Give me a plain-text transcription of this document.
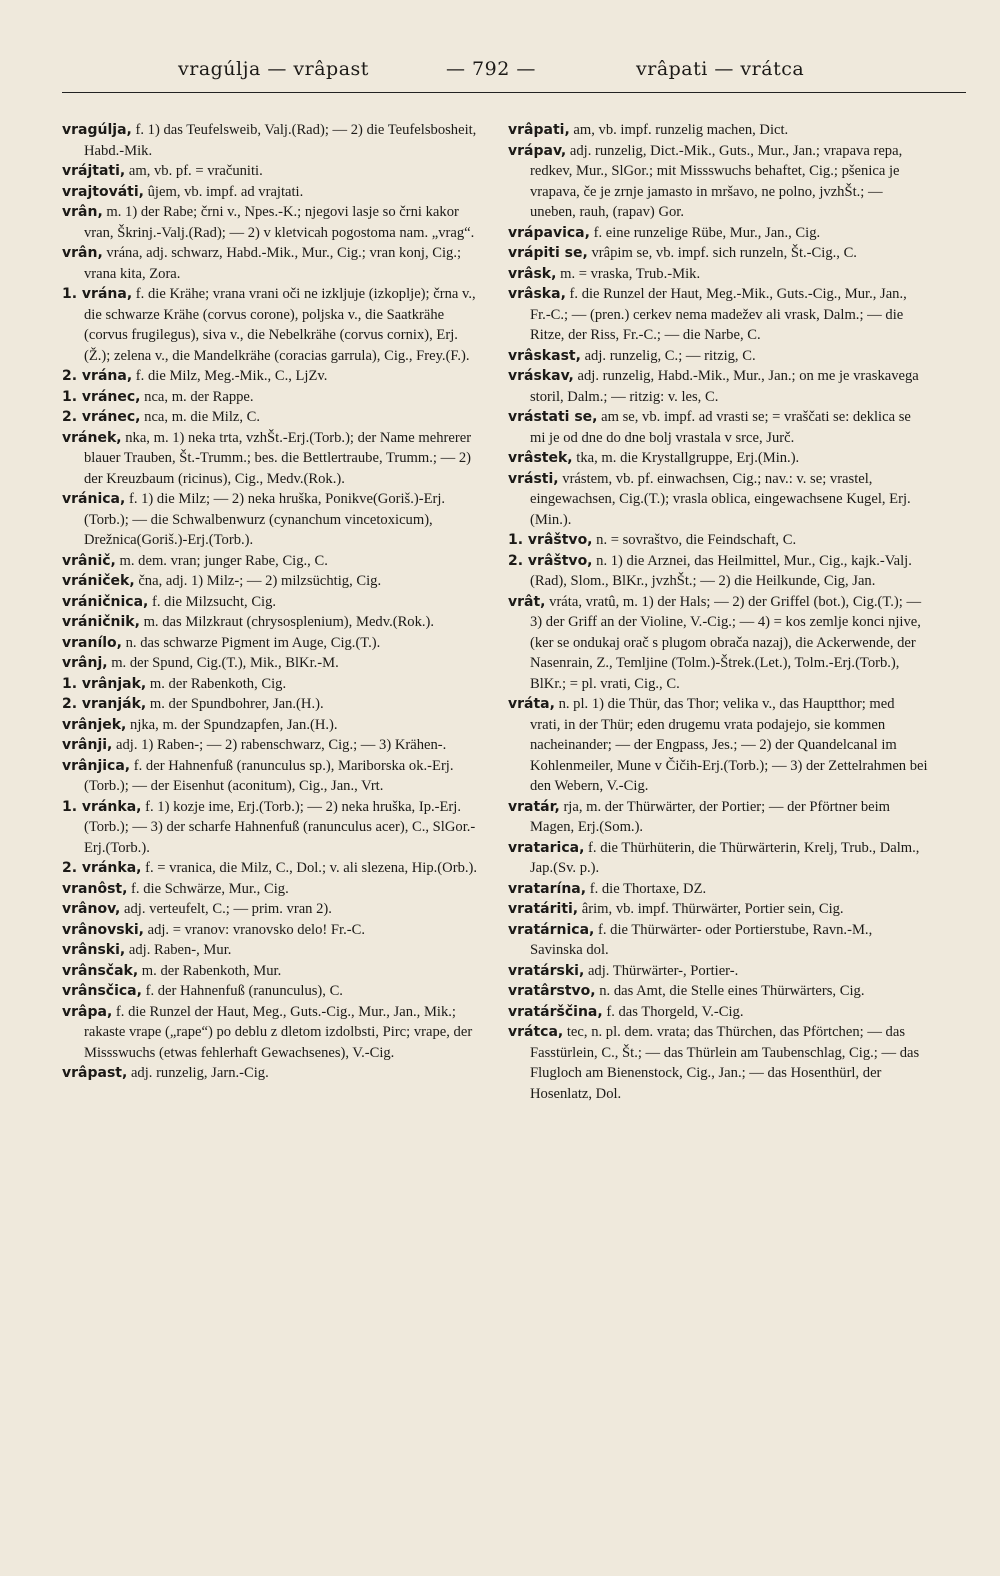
vragúlja — vrâpast	— 792 —	vrâpati — vrátca

vragúlja, f. 1) das Teufelsweib, Valj.(Rad); — 2) die Teufelsbosheit, Habd.-Mik.

vrájtati, am, vb. pf. = vračuniti.

vrajtováti, ûjem, vb. impf. ad vrajtati.

vrân, m. 1) der Rabe; črni v., Npes.-K.; njegovi lasje so črni kakor vran, Škrinj.-Valj.(Rad); — 2) v kletvicah pogostoma nam. „vrag“.

vrân, vrána, adj. schwarz, Habd.-Mik., Mur., Cig.; vran konj, Cig.; vrana kita, Zora.

1. vrána, f. die Krähe; vrana vrani oči ne izkljuje (izkoplje); črna v., die schwarze Krähe (corvus corone), poljska v., die Saatkrähe (corvus frugilegus), siva v., die Nebelkrähe (corvus cornix), Erj.(Ž.); zelena v., die Mandelkrähe (coracias garrula), Cig., Frey.(F.).

2. vrána, f. die Milz, Meg.-Mik., C., LjZv.

1. vránec, nca, m. der Rappe.

2. vránec, nca, m. die Milz, C.

vránek, nka, m. 1) neka trta, vzhŠt.-Erj.(Torb.); der Name mehrerer blauer Trauben, Št.-Trumm.; bes. die Bettlertraube, Trumm.; — 2) der Kreuzbaum (ricinus), Cig., Medv.(Rok.).

vránica, f. 1) die Milz; — 2) neka hruška, Ponikve(Goriš.)-Erj.(Torb.); — die Schwalbenwurz (cynanchum vincetoxicum), Drežnica(Goriš.)-Erj.(Torb.).

vrânič, m. dem. vran; junger Rabe, Cig., C.

vrániček, čna, adj. 1) Milz-; — 2) milzsüchtig, Cig.

vráničnica, f. die Milzsucht, Cig.

vráničnik, m. das Milzkraut (chrysosplenium), Medv.(Rok.).

vranílo, n. das schwarze Pigment im Auge, Cig.(T.).

vrânj, m. der Spund, Cig.(T.), Mik., BlKr.-M.

1. vrânjak, m. der Rabenkoth, Cig.

2. vranják, m. der Spundbohrer, Jan.(H.).

vrânjek, njka, m. der Spundzapfen, Jan.(H.).

vrânji, adj. 1) Raben-; — 2) rabenschwarz, Cig.; — 3) Krähen-.

vrânjica, f. der Hahnenfuß (ranunculus sp.), Mariborska ok.-Erj.(Torb.); — der Eisenhut (aconitum), Cig., Jan., Vrt.

1. vránka, f. 1) kozje ime, Erj.(Torb.); — 2) neka hruška, Ip.-Erj.(Torb.); — 3) der scharfe Hahnenfuß (ranunculus acer), C., SlGor.-Erj.(Torb.).

2. vránka, f. = vranica, die Milz, C., Dol.; v. ali slezena, Hip.(Orb.).

vranôst, f. die Schwärze, Mur., Cig.

vrânov, adj. verteufelt, C.; — prim. vran 2).

vrânovski, adj. = vranov: vranovsko delo! Fr.-C.

vrânski, adj. Raben-, Mur.

vrânsčak, m. der Rabenkoth, Mur.

vrânsčica, f. der Hahnenfuß (ranunculus), C.

vrâpa, f. die Runzel der Haut, Meg., Guts.-Cig., Mur., Jan., Mik.; rakaste vrape („rape“) po deblu z dletom izdolbsti, Pirc; vrape, der Missswuchs (etwas fehlerhaft Gewachsenes), V.-Cig.

vrâpast, adj. runzelig, Jarn.-Cig.

vrâpati, am, vb. impf. runzelig machen, Dict.

vrápav, adj. runzelig, Dict.-Mik., Guts., Mur., Jan.; vrapava repa, redkev, Mur., SlGor.; mit Missswuchs behaftet, Cig.; pšenica je vrapava, če je zrnje jamasto in mršavo, ne polno, jvzhŠt.; — uneben, rauh, (rapav) Gor.

vrápavica, f. eine runzelige Rübe, Mur., Jan., Cig.

vrápiti se, vrâpim se, vb. impf. sich runzeln, Št.-Cig., C.

vrâsk, m. = vraska, Trub.-Mik.

vrâska, f. die Runzel der Haut, Meg.-Mik., Guts.-Cig., Mur., Jan., Fr.-C.; — (pren.) cerkev nema madežev ali vrask, Dalm.; — die Ritze, der Riss, Fr.-C.; — die Narbe, C.

vrâskast, adj. runzelig, C.; — ritzig, C.

vráskav, adj. runzelig, Habd.-Mik., Mur., Jan.; on me je vraskavega storil, Dalm.; — ritzig: v. les, C.

vrástati se, am se, vb. impf. ad vrasti se; = vraščati se: deklica se mi je od dne do dne bolj vrastala v srce, Jurč.

vrâstek, tka, m. die Krystallgruppe, Erj.(Min.).

vrásti, vrástem, vb. pf. einwachsen, Cig.; nav.: v. se; vrastel, eingewachsen, Cig.(T.); vrasla oblica, eingewachsene Kugel, Erj.(Min.).

1. vrâštvo, n. = sovraštvo, die Feindschaft, C.

2. vrâštvo, n. 1) die Arznei, das Heilmittel, Mur., Cig., kajk.-Valj.(Rad), Slom., BlKr., jvzhŠt.; — 2) die Heilkunde, Cig, Jan.

vrât, vráta, vratû, m. 1) der Hals; — 2) der Griffel (bot.), Cig.(T.); — 3) der Griff an der Violine, V.-Cig.; — 4) = kos zemlje konci njive, (ker se ondukaj orač s plugom obrača nazaj), die Ackerwende, der Nasenrain, Z., Temljine (Tolm.)-Štrek.(Let.), Tolm.-Erj.(Torb.), BlKr.; = pl. vrati, Cig., C.

vráta, n. pl. 1) die Thür, das Thor; velika v., das Hauptthor; med vrati, in der Thür; eden drugemu vrata podajejo, sie kommen nacheinander; — der Engpass, Jes.; — 2) der Quandelcanal im Kohlenmeiler, Mune v Čičih-Erj.(Torb.); — 3) der Zettelrahmen bei den Webern, V.-Cig.

vratár, rja, m. der Thürwärter, der Portier; — der Pförtner beim Magen, Erj.(Som.).

vratarica, f. die Thürhüterin, die Thürwärterin, Krelj, Trub., Dalm., Jap.(Sv. p.).

vratarína, f. die Thortaxe, DZ.

vratáriti, ârim, vb. impf. Thürwärter, Portier sein, Cig.

vratárnica, f. die Thürwärter- oder Portierstube, Ravn.-M., Savinska dol.

vratárski, adj. Thürwärter-, Portier-.

vratârstvo, n. das Amt, die Stelle eines Thürwärters, Cig.

vratárščina, f. das Thorgeld, V.-Cig.

vrátca, tec, n. pl. dem. vrata; das Thürchen, das Pförtchen; — das Fasstürlein, C., Št.; — das Thürlein am Taubenschlag, Cig.; — das Flugloch am Bienenstock, Cig., Jan.; — das Hosenthürl, der Hosenlatz, Dol.
